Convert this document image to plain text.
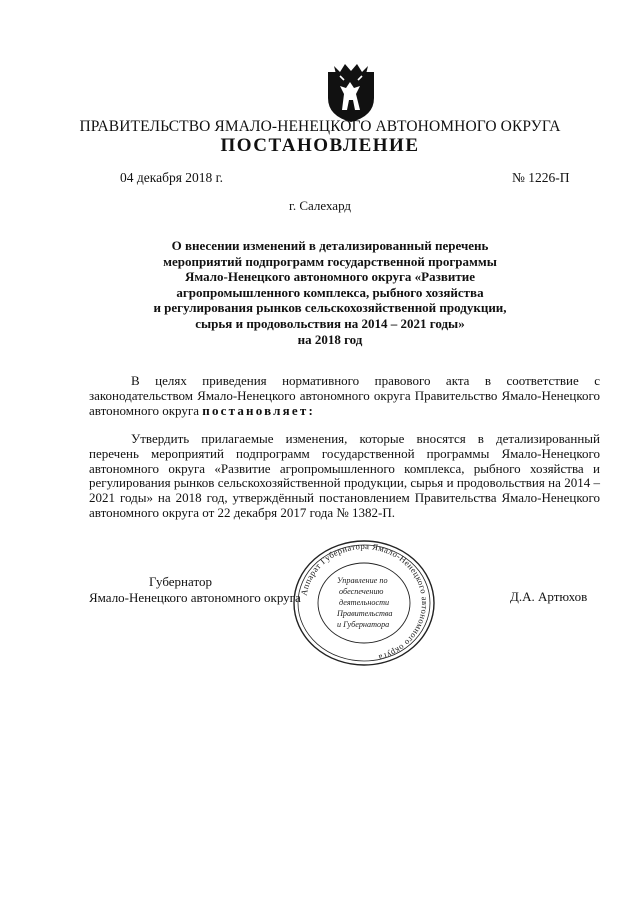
ПРАВИТЕЛЬСТВО ЯМАЛО-НЕНЕЦКОГО АВТОНОМНОГО ОКРУГА
ПОСТАНОВЛЕНИЕ
04 декабря 2018 г.	№ 1226-П
г. Салехард
О внесении изменений в детализированный перечень
мероприятий подпрограмм государственной программы
Ямало-Ненецкого автономного округа «Развитие
агропромышленного комплекса, рыбного хозяйства
и регулирования рынков сельскохозяйственной продукции,
сырья и продовольствия на 2014 – 2021 годы»
на 2018 год
В целях приведения нормативного правового акта в соответствие с законодательством Ямало-Ненецкого автономного округа Правительство Ямало-Ненецкого автономного округа постановляет:
Утвердить прилагаемые изменения, которые вносятся в детализированный перечень мероприятий подпрограмм государственной программы Ямало-Ненецкого автономного округа «Развитие агропромышленного комплекса, рыбного хозяйства и регулирования рынков сельскохозяйственной продукции, сырья и продовольствия на 2014 – 2021 годы» на 2018 год, утверждённый постановлением Правительства Ямало-Ненецкого автономного округа от 22 декабря 2017 года № 1382-П.
Губернатор
Ямало-Ненецкого автономного округа	Д.А. Артюхов
Аппарат Губернатора Ямало-Ненецкого автономного округа
Управление по
обеспечению
деятельности
Правительства
и Губернатора
